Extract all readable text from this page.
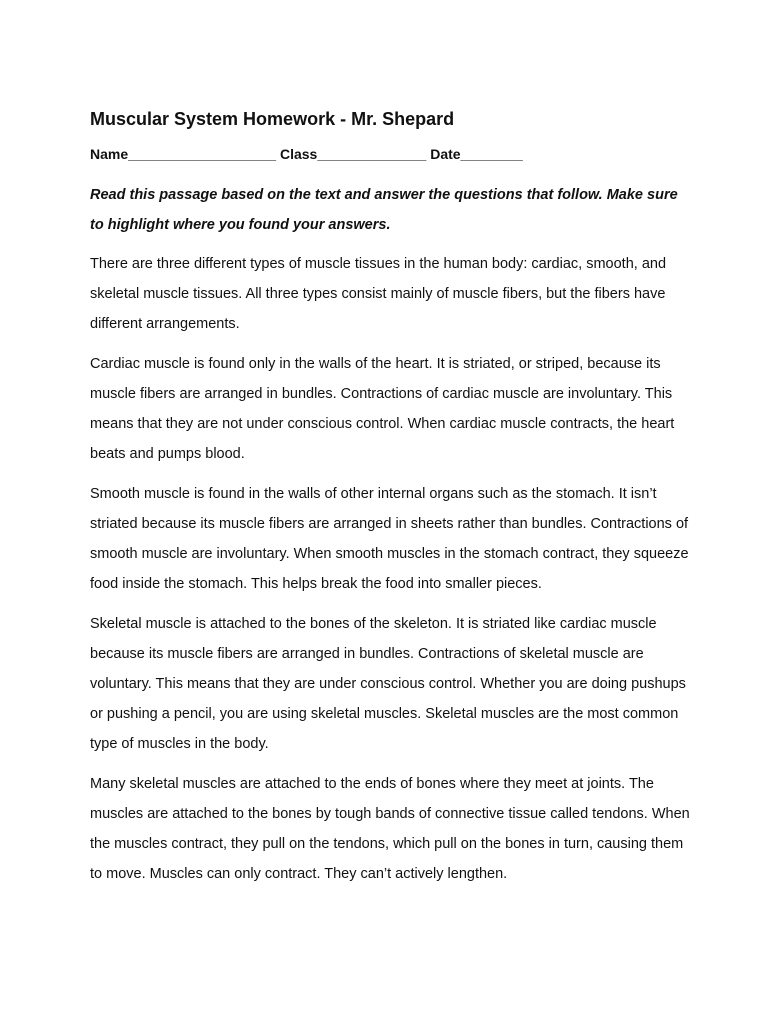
Muscular System Homework - Mr. Shepard
Name___________________ Class______________ Date________
Read this passage based on the text and answer the questions that follow. Make sure to highlight where you found your answers.

There are three different types of muscle tissues in the human body: cardiac, smooth, and skeletal muscle tissues. All three types consist mainly of muscle fibers, but the fibers have different arrangements.

Cardiac muscle is found only in the walls of the heart. It is striated, or striped, because its muscle fibers are arranged in bundles. Contractions of cardiac muscle are involuntary. This means that they are not under conscious control. When cardiac muscle contracts, the heart beats and pumps blood.

Smooth muscle is found in the walls of other internal organs such as the stomach. It isn’t striated because its muscle fibers are arranged in sheets rather than bundles. Contractions of smooth muscle are involuntary. When smooth muscles in the stomach contract, they squeeze food inside the stomach. This helps break the food into smaller pieces.

Skeletal muscle is attached to the bones of the skeleton. It is striated like cardiac muscle because its muscle fibers are arranged in bundles. Contractions of skeletal muscle are voluntary. This means that they are under conscious control. Whether you are doing pushups or pushing a pencil, you are using skeletal muscles. Skeletal muscles are the most common type of muscles in the body.

Many skeletal muscles are attached to the ends of bones where they meet at joints. The muscles are attached to the bones by tough bands of connective tissue called tendons. When the muscles contract, they pull on the tendons, which pull on the bones in turn, causing them to move. Muscles can only contract. They can’t actively lengthen.
